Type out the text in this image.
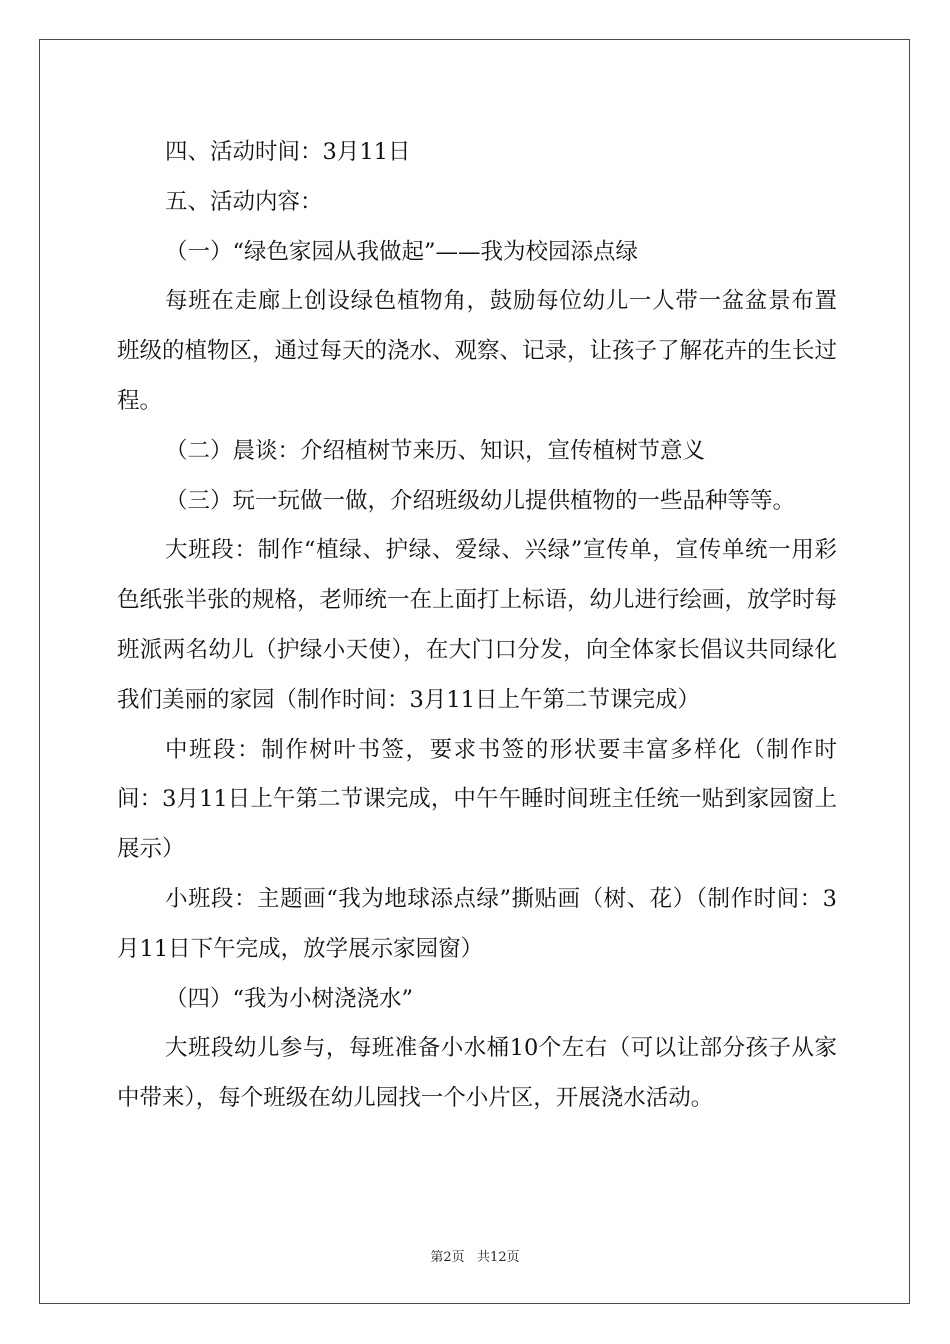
四、活动时间：3月11日

五、活动内容：

（一）“绿色家园从我做起”——我为校园添点绿

每班在走廊上创设绿色植物角，鼓励每位幼儿一人带一盆盆景布置班级的植物区，通过每天的浇水、观察、记录，让孩子了解花卉的生长过程。

（二）晨谈：介绍植树节来历、知识，宣传植树节意义

（三）玩一玩做一做，介绍班级幼儿提供植物的一些品种等等。

大班段：制作“植绿、护绿、爱绿、兴绿”宣传单，宣传单统一用彩色纸张半张的规格，老师统一在上面打上标语，幼儿进行绘画，放学时每班派两名幼儿（护绿小天使），在大门口分发，向全体家长倡议共同绿化我们美丽的家园（制作时间：3月11日上午第二节课完成）

中班段：制作树叶书签，要求书签的形状要丰富多样化（制作时间：3月11日上午第二节课完成，中午午睡时间班主任统一贴到家园窗上展示）

小班段：主题画“我为地球添点绿”撕贴画（树、花）（制作时间：3月11日下午完成，放学展示家园窗）

（四）“我为小树浇浇水”

大班段幼儿参与，每班准备小水桶10个左右（可以让部分孩子从家中带来），每个班级在幼儿园找一个小片区，开展浇水活动。

第2页   共12页
